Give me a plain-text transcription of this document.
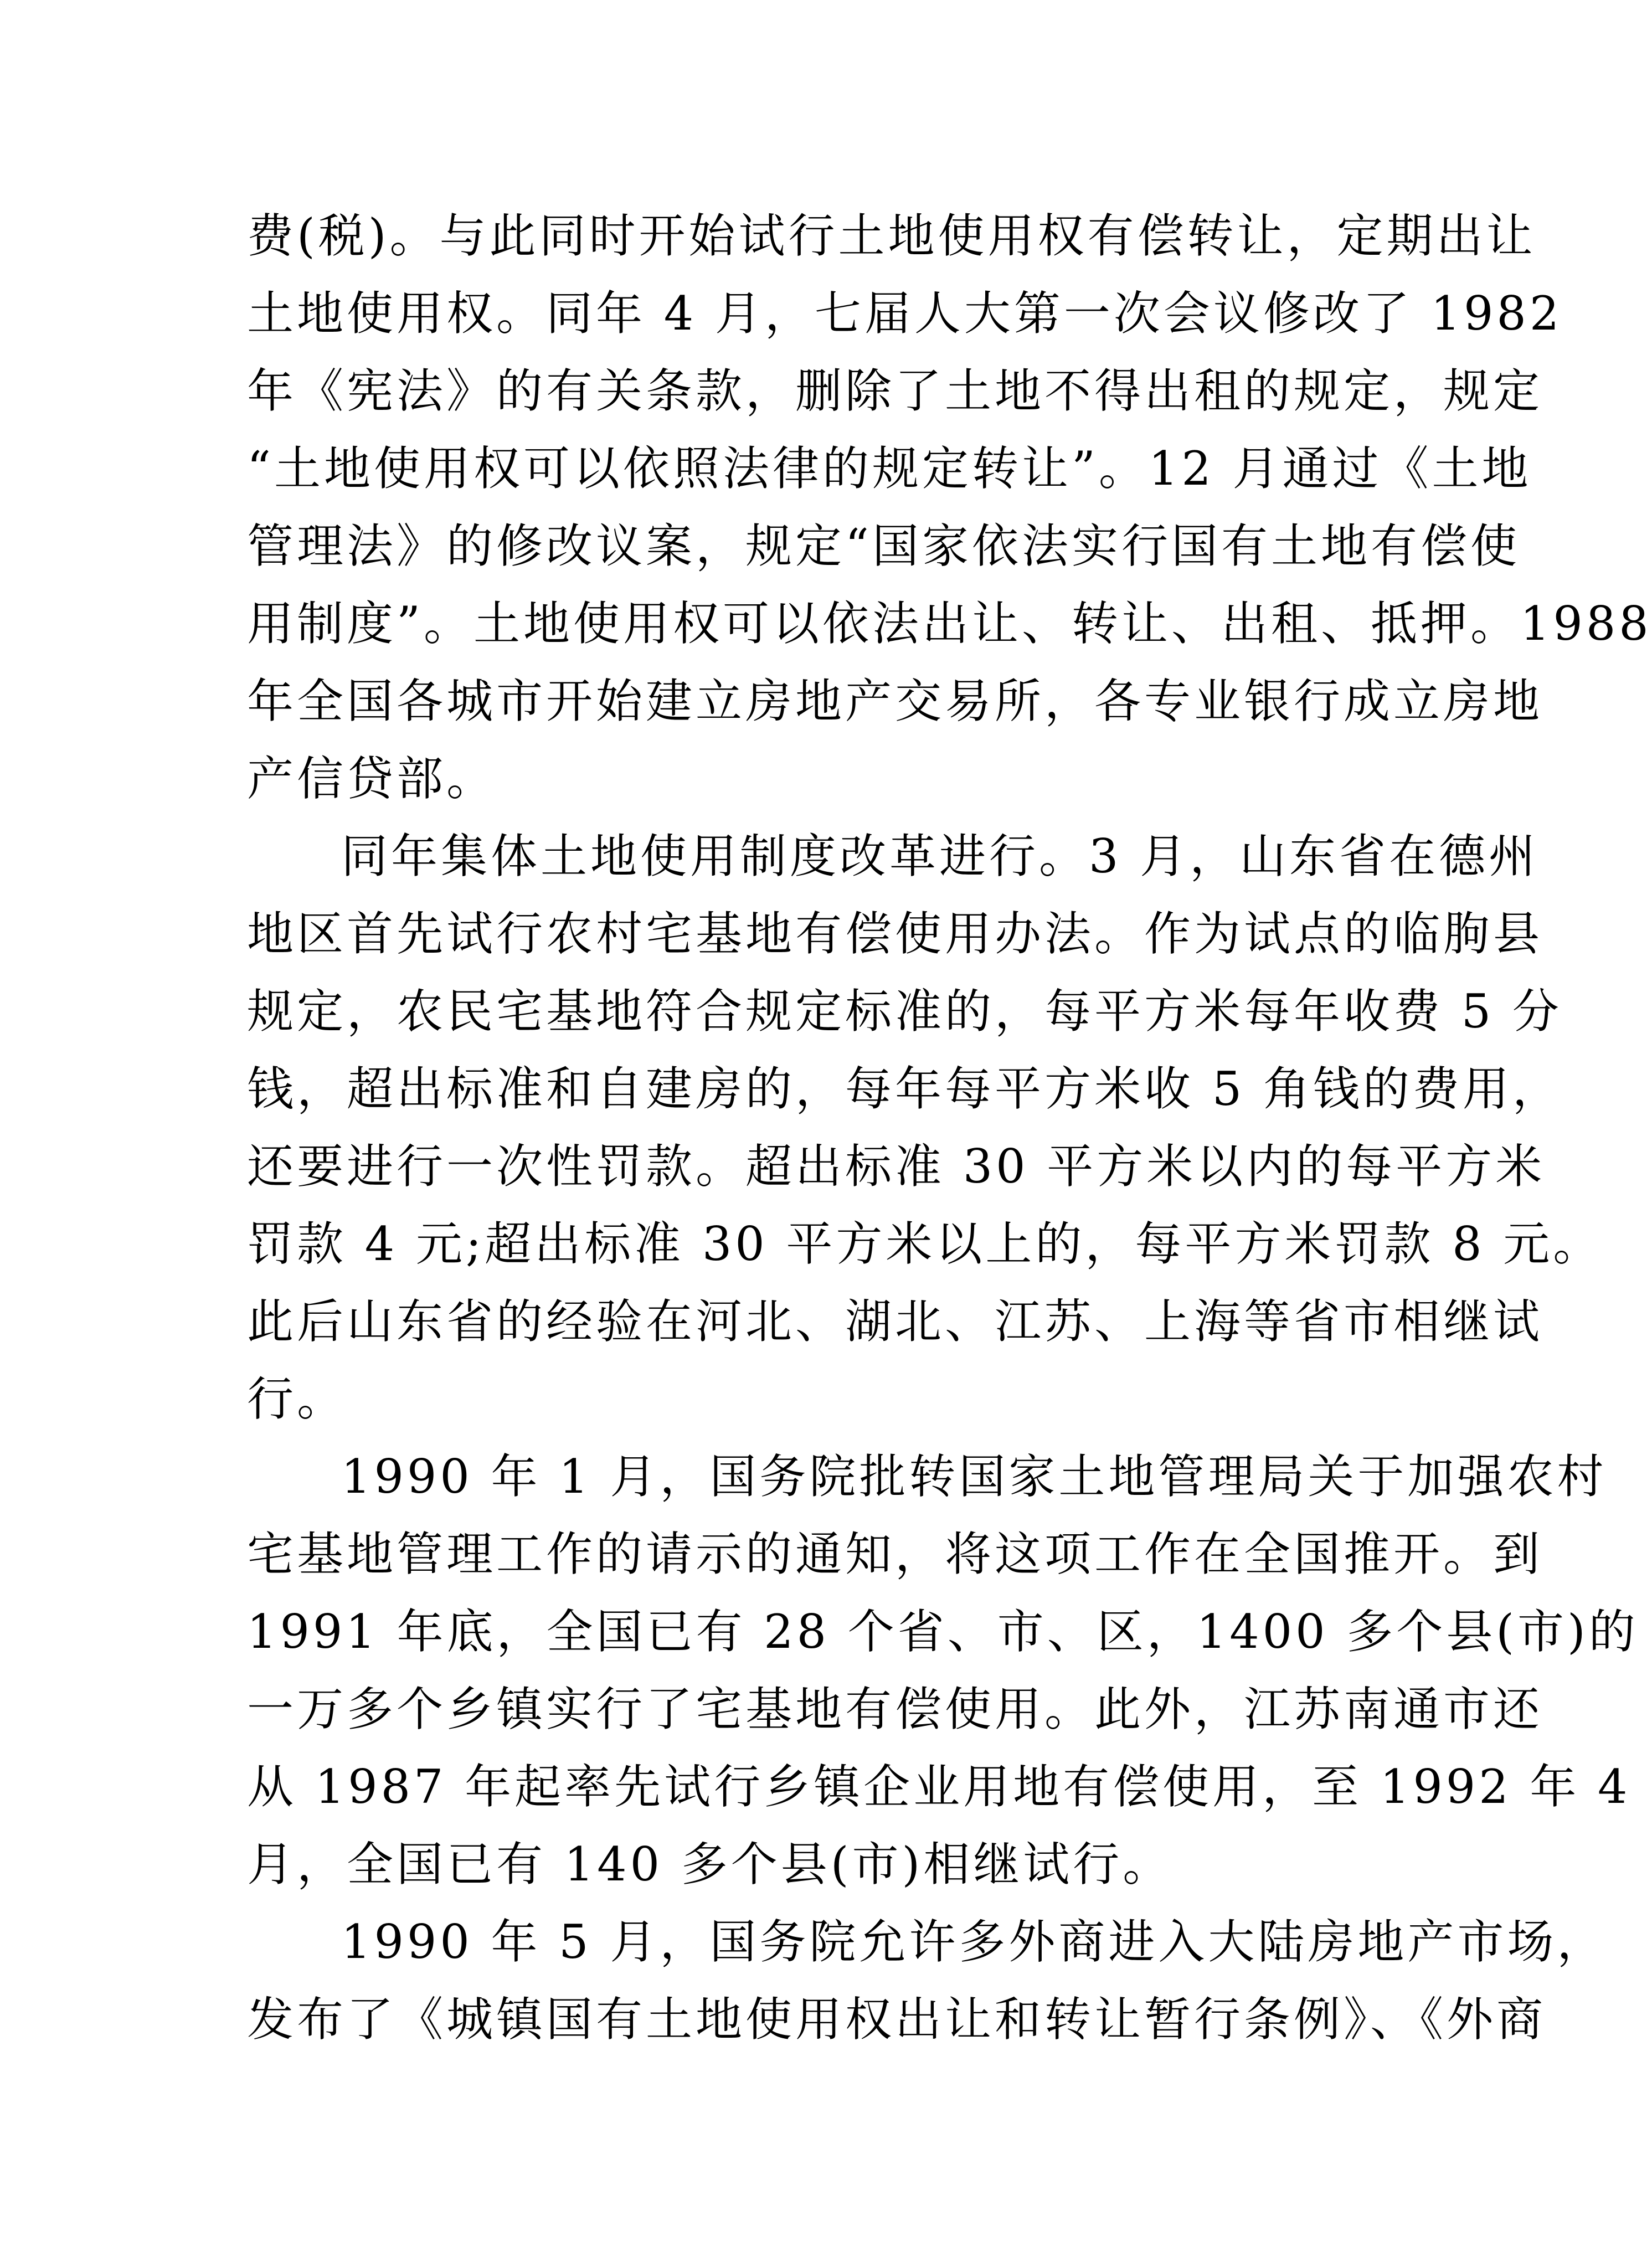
费(税)。与此同时开始试行土地使用权有偿转让，定期出让
土地使用权。同年 4 月，七届人大第一次会议修改了 1982
年《宪法》的有关条款，删除了土地不得出租的规定，规定
“土地使用权可以依照法律的规定转让”。12 月通过《土地
管理法》的修改议案，规定“国家依法实行国有土地有偿使
用制度”。土地使用权可以依法出让、转让、出租、抵押。1988
年全国各城市开始建立房地产交易所，各专业银行成立房地
产信贷部。
同年集体土地使用制度改革进行。3 月，山东省在德州
地区首先试行农村宅基地有偿使用办法。作为试点的临朐县
规定，农民宅基地符合规定标准的，每平方米每年收费 5 分
钱，超出标准和自建房的，每年每平方米收 5 角钱的费用，
还要进行一次性罚款。超出标准 30 平方米以内的每平方米
罚款 4 元;超出标准 30 平方米以上的，每平方米罚款 8 元。
此后山东省的经验在河北、湖北、江苏、上海等省市相继试
行。
1990 年 1 月，国务院批转国家土地管理局关于加强农村
宅基地管理工作的请示的通知，将这项工作在全国推开。到
1991 年底，全国已有 28 个省、市、区，1400 多个县(市)的
一万多个乡镇实行了宅基地有偿使用。此外，江苏南通市还
从 1987 年起率先试行乡镇企业用地有偿使用，至 1992 年 4
月，全国已有 140 多个县(市)相继试行。
1990 年 5 月，国务院允许多外商进入大陆房地产市场，
发布了《城镇国有土地使用权出让和转让暂行条例》、《外商
